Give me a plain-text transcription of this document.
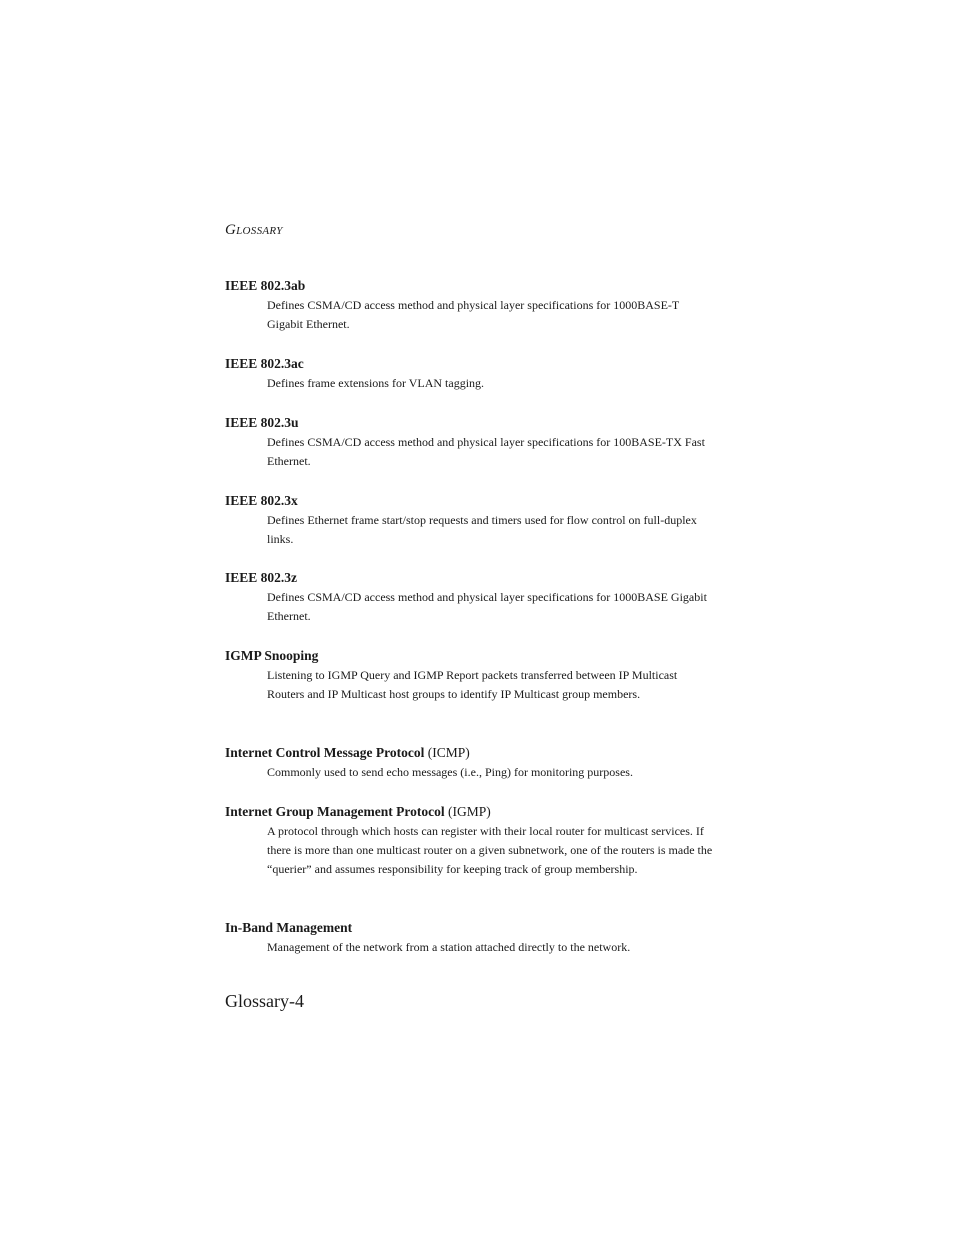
GLOSSARY

IEEE 802.3ab

Defines CSMA/CD access method and physical layer specifications for 1000BASE-T Gigabit Ethernet.

IEEE 802.3ac

Defines frame extensions for VLAN tagging.

IEEE 802.3u

Defines CSMA/CD access method and physical layer specifications for 100BASE-TX Fast Ethernet.

IEEE 802.3x

Defines Ethernet frame start/stop requests and timers used for flow control on full-duplex links.

IEEE 802.3z

Defines CSMA/CD access method and physical layer specifications for 1000BASE Gigabit Ethernet.

IGMP Snooping

Listening to IGMP Query and IGMP Report packets transferred between IP Multicast Routers and IP Multicast host groups to identify IP Multicast group members.

Internet Control Message Protocol (ICMP)

Commonly used to send echo messages (i.e., Ping) for monitoring purposes.

Internet Group Management Protocol (IGMP)

A protocol through which hosts can register with their local router for multicast services. If there is more than one multicast router on a given subnetwork, one of the routers is made the “querier” and assumes responsibility for keeping track of group membership.

In-Band Management

Management of the network from a station attached directly to the network.

Glossary-4
